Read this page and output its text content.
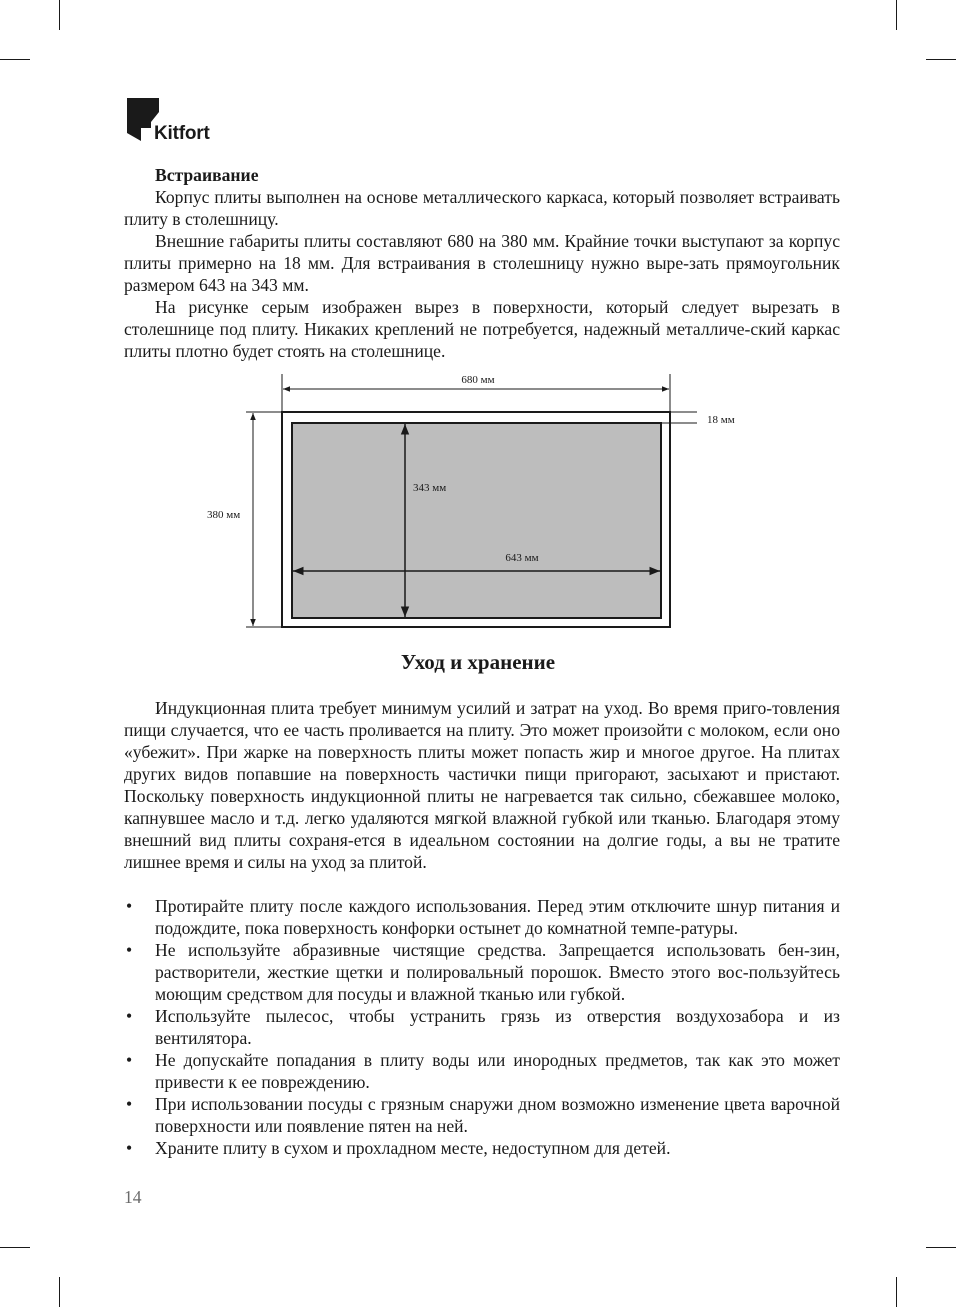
Kitfort

Встраивание

Корпус плиты выполнен на основе металлического каркаса, который позволяет встраивать плиту в столешницу.

Внешние габариты плиты составляют 680 на 380 мм. Крайние точки выступают за корпус плиты примерно на 18 мм. Для встраивания в столешницу нужно выре-зать прямоугольник размером 643 на 343 мм.

На рисунке серым изображен вырез в поверхности, который следует вырезать в столешнице под плиту. Никаких креплений не потребуется, надежный металличе-ский каркас плиты плотно будет стоять на столешнице.

680 мм
18 мм
380 мм
343 мм
643 мм
Уход и хранение

Индукционная плита требует минимум усилий и затрат на уход. Во время приго-товления пищи случается, что ее часть проливается на плиту. Это может произойти с молоком, если оно «убежит». При жарке на поверхность плиты может попасть жир и многое другое. На плитах других видов попавшие на поверхность частички пищи пригорают, засыхают и пристают. Поскольку поверхность индукционной плиты не нагревается так сильно, сбежавшее молоко, капнувшее масло и т.д. легко удаляются мягкой влажной губкой или тканью. Благодаря этому внешний вид плиты сохраня-ется в идеальном состоянии на долгие годы, а вы не тратите лишнее время и силы на уход за плитой.

• Протирайте плиту после каждого использования. Перед этим отключите шнур питания и подождите, пока поверхность конфорки остынет до комнатной темпе-ратуры.
• Не используйте абразивные чистящие средства. Запрещается использовать бен-зин, растворители, жесткие щетки и полировальный порошок. Вместо этого вос-пользуйтесь моющим средством для посуды и влажной тканью или губкой.
• Используйте пылесос, чтобы устранить грязь из отверстия воздухозабора и из вентилятора.
• Не допускайте попадания в плиту воды или инородных предметов, так как это может привести к ее повреждению.
• При использовании посуды с грязным снаружи дном возможно изменение цвета варочной поверхности или появление пятен на ней.
• Храните плиту в сухом и прохладном месте, недоступном для детей.
14
